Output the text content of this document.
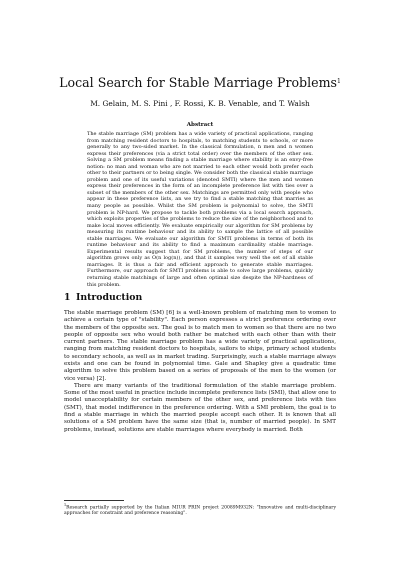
Local Search for Stable Marriage Problems$^1$
M. Gelain, M. S. Pini , F. Rossi, K. B. Venable, and T. Walsh
Abstract

The stable marriage (SM) problem has a wide variety of practical applications, ranging from matching resident doctors to hospitals, to matching students to schools, or more generally to any two-sided market. In the classical formulation, n men and n women express their preferences (via a strict total order) over the members of the other sex. Solving a SM problem means finding a stable marriage where stability is an envy-free notion: no man and woman who are not married to each other would both prefer each other to their partners or to being single. We consider both the classical stable marriage problem and one of its useful variations (denoted SMTI) where the men and women express their preferences in the form of an incomplete preference list with ties over a subset of the members of the other sex. Matchings are permitted only with people who appear in these preference lists, an we try to find a stable matching that marries as many people as possible. Whilst the SM problem is polynomial to solve, the SMTI problem is NP-hard. We propose to tackle both problems via a local search approach, which exploits properties of the problems to reduce the size of the neighborhood and to make local moves efficiently. We evaluate empirically our algorithm for SM problems by measuring its runtime behaviour and its ability to sample the lattice of all possible stable marriages. We evaluate our algorithm for SMTI problems in terms of both its runtime behaviour and its ability to find a maximum cardinality stable marriage. Experimental results suggest that for SM problems, the number of steps of our algorithm grows only as O(n log(n)), and that it samples very well the set of all stable marriages. It is thus a fair and efficient approach to generate stable marriages. Furthermore, our approach for SMTI problems is able to solve large problems, quickly returning stable matchings of large and often optimal size despite the NP-hardness of this problem.

1 Introduction

The stable marriage problem (SM) [6] is a well-known problem of matching men to women to achieve a certain type of "stability". Each person expresses a strict preference ordering over the members of the opposite sex. The goal is to match men to women so that there are no two people of opposite sex who would both rather be matched with each other than with their current partners. The stable marriage problem has a wide variety of practical applications, ranging from matching resident doctors to hospitals, sailors to ships, primary school students to secondary schools, as well as in market trading. Surprisingly, such a stable marriage always exists and one can be found in polynomial time. Gale and Shapley give a quadratic time algorithm to solve this problem based on a series of proposals of the men to the women (or vice versa) [2].

There are many variants of the traditional formulation of the stable marriage problem. Some of the most useful in practice include incomplete preference lists (SMI), that allow one to model unacceptability for certain members of the other sex, and preference lists with ties (SMT), that model indifference in the preference ordering. With a SMI problem, the goal is to find a stable marriage in which the married people accept each other. It is known that all solutions of a SM problem have the same size (that is, number of married people). In SMT problems, instead, solutions are stable marriages where everybody is married. Both

$^1$Research partially supported by the Italian MIUR PRIN project 20089M932N: "Innovative and multi-disciplinary approaches for constraint and preference reasoning".
